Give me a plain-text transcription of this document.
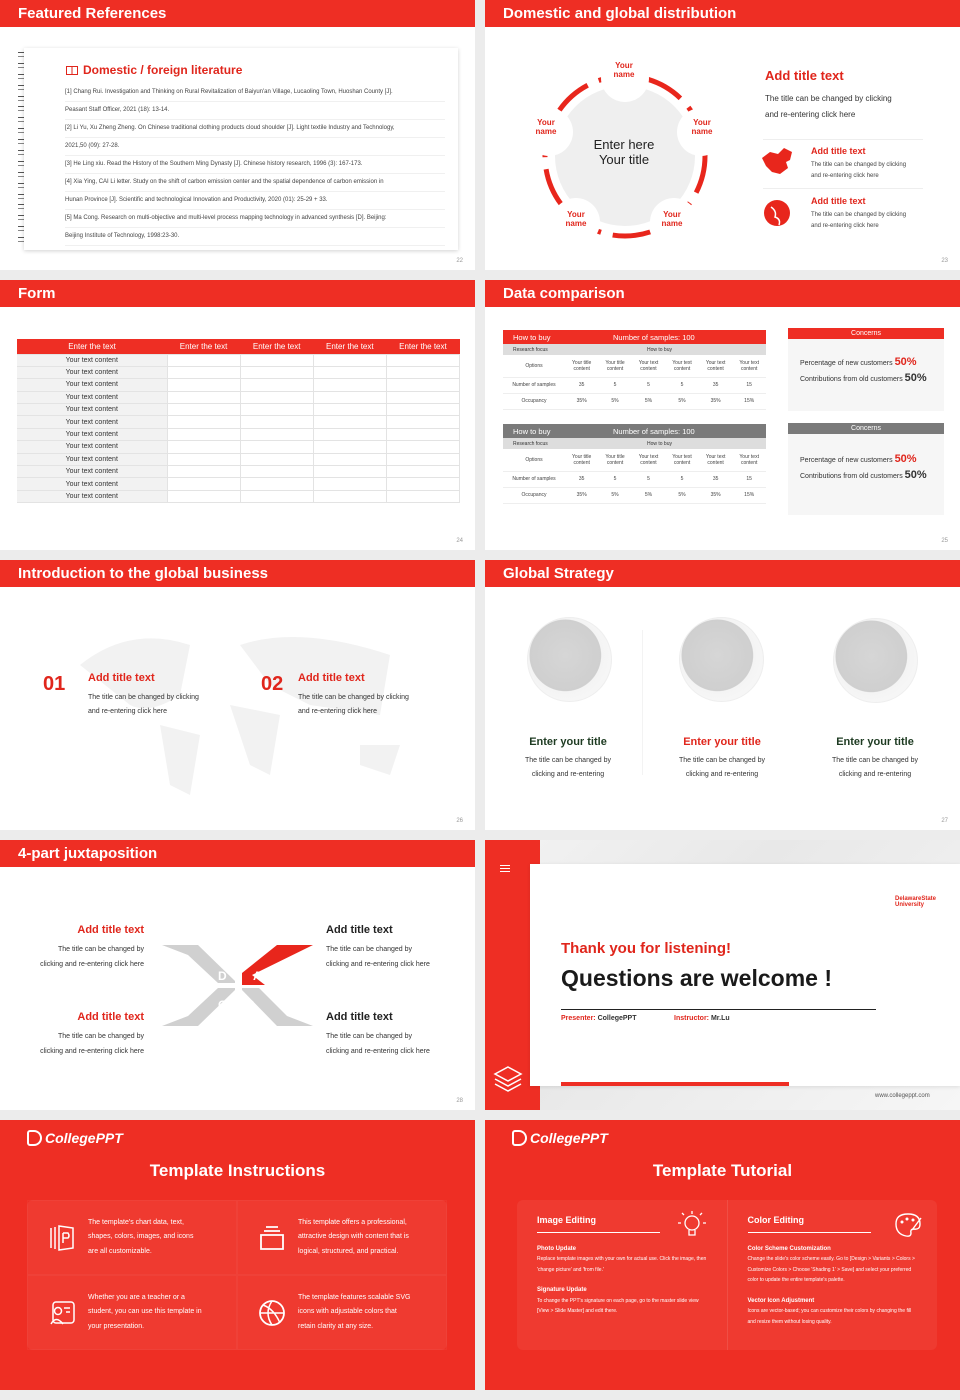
Featured References
Domestic / foreign literature
[1] Chang Rui. Investigation and Thinking on Rural Revitalization of Baiyun'an Village, Lucaoling Town, Huoshan County [J].
Peasant Staff Officer, 2021 (18): 13-14.
[2] Li Yu, Xu Zheng Zheng. On Chinese traditional clothing products cloud shoulder [J]. Light textile Industry and Technology,
2021,50 (09): 27-28.
[3] He Ling xiu. Read the History of the Southern Ming Dynasty [J]. Chinese history research, 1996 (3): 167-173.
[4] Xia Ying, CAI Li letter. Study on the shift of carbon emission center and the spatial dependence of carbon emission in
Hunan Province [J]. Scientific and technological Innovation and Productivity, 2020 (01): 25-29 + 33.
[5] Ma Cong. Research on multi-objective and multi-level process mapping technology in advanced synthesis [D]. Beijing:
Beijing Institute of Technology, 1998:23-30.
22
Domestic and global distribution
Your name
Your name
Your name
Your name
Your name
Enter here
Your title
Add title text
The title can be changed by clicking
and re-entering click here
Add title text
The title can be changed by clicking
and re-entering click here
Add title text
The title can be changed by clicking
and re-entering click here
23
Form
Enter the text	Enter the text	Enter the text	Enter the text	Enter the text
Your text content				
Your text content				
Your text content				
Your text content				
Your text content				
Your text content				
Your text content				
Your text content				
Your text content				
Your text content				
Your text content				
Your text content				
24
Data comparison
How to buy	Number of samples: 100
Research focus	How to buy
Options	Your title content	Your title content	Your text content	Your text content	Your text content	Your text content
Number of samples	35	5	5	5	35	15
Occupancy	35%	5%	5%	5%	35%	15%
How to buy	Number of samples: 100
Research focus	How to buy
Options	Your title content	Your title content	Your text content	Your text content	Your text content	Your text content
Number of samples	35	5	5	5	35	15
Occupancy	35%	5%	5%	5%	35%	15%
Concerns

Percentage of new customers 50%

Contributions from old customers 50%

Concerns

Percentage of new customers 50%

Contributions from old customers 50%

25
Introduction to the global business
01 Add title text
The title can be changed by clicking
and re-entering click here
02 Add title text
The title can be changed by clicking
and re-entering click here
26
Global Strategy
Enter your title
The title can be changed by
clicking and re-entering
Enter your title
The title can be changed by
clicking and re-entering
Enter your title
The title can be changed by
clicking and re-entering
27
4-part juxtaposition
A
B
C
D
Add title text
The title can be changed by
clicking and re-entering click here
Add title text
The title can be changed by
clicking and re-entering click here
Add title text
The title can be changed by
clicking and re-entering click here
Add title text
The title can be changed by
clicking and re-entering click here
28
DelawareState University
Thank you for listening!
Questions are welcome !
Presenter: CollegePPT	Instructor: Mr.Lu
www.collegeppt.com
CollegePPT
Template Instructions
The template's chart data, text,
shapes, colors, images, and icons
are all customizable.
This template offers a professional,
attractive design with content that is
logical, structured, and practical.
Whether you are a teacher or a
student, you can use this template in
your presentation.
The template features scalable SVG
icons with adjustable colors that
retain clarity at any size.
CollegePPT
Template Tutorial
Image Editing
Photo Update

Replace template images with your own for actual use. Click the image, then 'change picture' and 'from file.'

Signature Update

To change the PPT's signature on each page, go to the master slide view [View > Slide Master] and edit there.

Color Editing
Color Scheme Customization

Change the slide's color scheme easily. Go to [Design > Variants > Colors > Customize Colors > Choose 'Shading 1' > Save] and select your preferred color to update the entire template's palette.

Vector Icon Adjustment

Icons are vector-based; you can customize their colors by changing the fill and resize them without losing quality.
